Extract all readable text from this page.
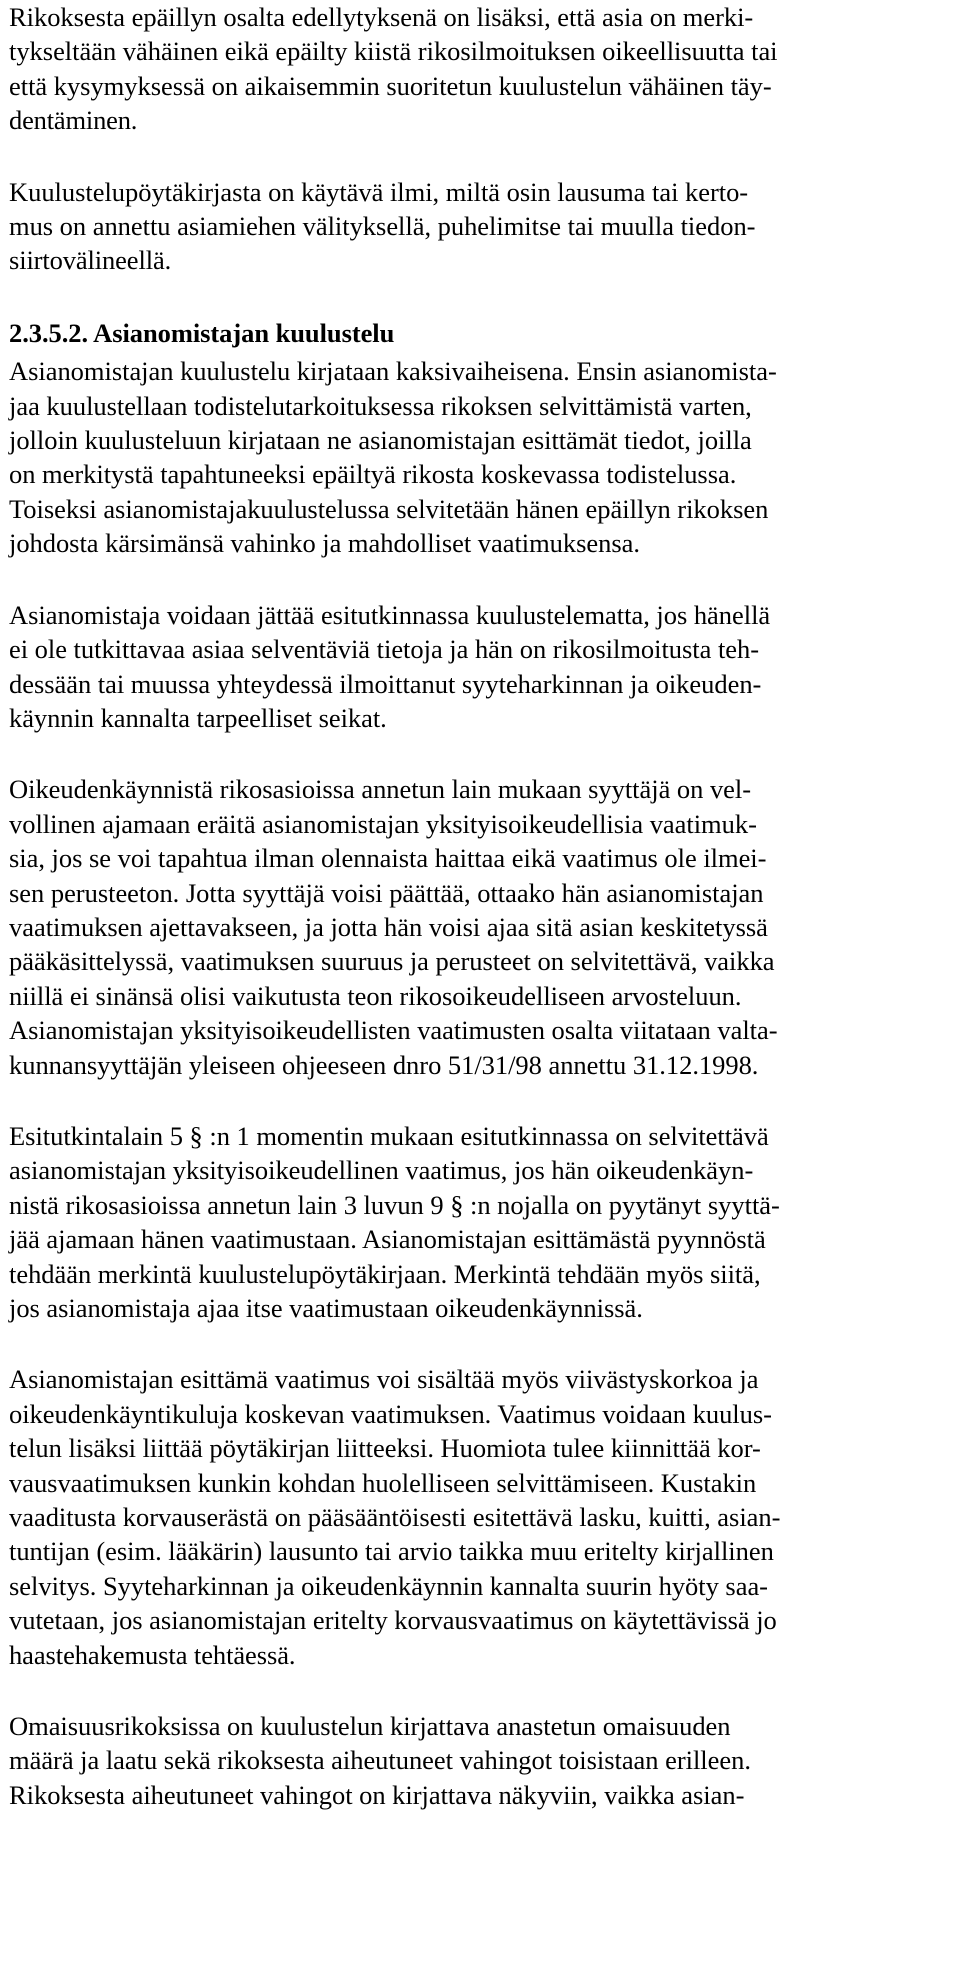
Rikoksesta epäillyn osalta edellytyksenä on lisäksi, että asia on merki-
tykseltään vähäinen eikä epäilty kiistä rikosilmoituksen oikeellisuutta tai
että kysymyksessä on aikaisemmin suoritetun kuulustelun vähäinen täy-
dentäminen.

Kuulustelupöytäkirjasta on käytävä ilmi, miltä osin lausuma tai kerto-
mus on annettu asiamiehen välityksellä, puhelimitse tai muulla tiedon-
siirtovälineellä.

2.3.5.2. Asianomistajan kuulustelu

Asianomistajan kuulustelu kirjataan kaksivaiheisena. Ensin asianomista-
jaa kuulustellaan todistelutarkoituksessa rikoksen selvittämistä varten,
jolloin kuulusteluun kirjataan ne asianomistajan esittämät tiedot, joilla
on merkitystä tapahtuneeksi epäiltyä rikosta koskevassa todistelussa.
Toiseksi asianomistajakuulustelussa selvitetään hänen epäillyn rikoksen
johdosta kärsimänsä vahinko ja mahdolliset vaatimuksensa.

Asianomistaja voidaan jättää esitutkinnassa kuulustelematta, jos hänellä
ei ole tutkittavaa asiaa selventäviä tietoja ja hän on rikosilmoitusta teh-
dessään tai muussa yhteydessä ilmoittanut syyteharkinnan ja oikeuden-
käynnin kannalta tarpeelliset seikat.

Oikeudenkäynnistä rikosasioissa annetun lain mukaan syyttäjä on vel-
vollinen ajamaan eräitä asianomistajan yksityisoikeudellisia vaatimuk-
sia, jos se voi tapahtua ilman olennaista haittaa eikä vaatimus ole ilmei-
sen perusteeton. Jotta syyttäjä voisi päättää, ottaako hän asianomistajan
vaatimuksen ajettavakseen, ja jotta hän voisi ajaa sitä asian keskitetyssä
pääkäsittelyssä, vaatimuksen suuruus ja perusteet on selvitettävä, vaikka
niillä ei sinänsä olisi vaikutusta teon rikosoikeudelliseen arvosteluun.
Asianomistajan yksityisoikeudellisten vaatimusten osalta viitataan valta-
kunnansyyttäjän yleiseen ohjeeseen dnro 51/31/98 annettu 31.12.1998.

Esitutkintalain 5 § :n 1 momentin mukaan esitutkinnassa on selvitettävä
asianomistajan yksityisoikeudellinen vaatimus, jos hän oikeudenkäyn-
nistä rikosasioissa annetun lain 3 luvun 9 § :n nojalla on pyytänyt syyttä-
jää ajamaan hänen vaatimustaan. Asianomistajan esittämästä pyynnöstä
tehdään merkintä kuulustelupöytäkirjaan. Merkintä tehdään myös siitä,
jos asianomistaja ajaa itse vaatimustaan oikeudenkäynnissä.

Asianomistajan esittämä vaatimus voi sisältää myös viivästyskorkoa ja
oikeudenkäyntikuluja koskevan vaatimuksen. Vaatimus voidaan kuulus-
telun lisäksi liittää pöytäkirjan liitteeksi. Huomiota tulee kiinnittää kor-
vausvaatimuksen kunkin kohdan huolelliseen selvittämiseen. Kustakin
vaaditusta korvauserästä on pääsääntöisesti esitettävä lasku, kuitti, asian-
tuntijan (esim. lääkärin) lausunto tai arvio taikka muu eritelty kirjallinen
selvitys. Syyteharkinnan ja oikeudenkäynnin kannalta suurin hyöty saa-
vutetaan, jos asianomistajan eritelty korvausvaatimus on käytettävissä jo
haastehakemusta tehtäessä.

Omaisuusrikoksissa on kuulustelun kirjattava anastetun omaisuuden
määrä ja laatu sekä rikoksesta aiheutuneet vahingot toisistaan erilleen.
Rikoksesta aiheutuneet vahingot on kirjattava näkyviin, vaikka asian-
